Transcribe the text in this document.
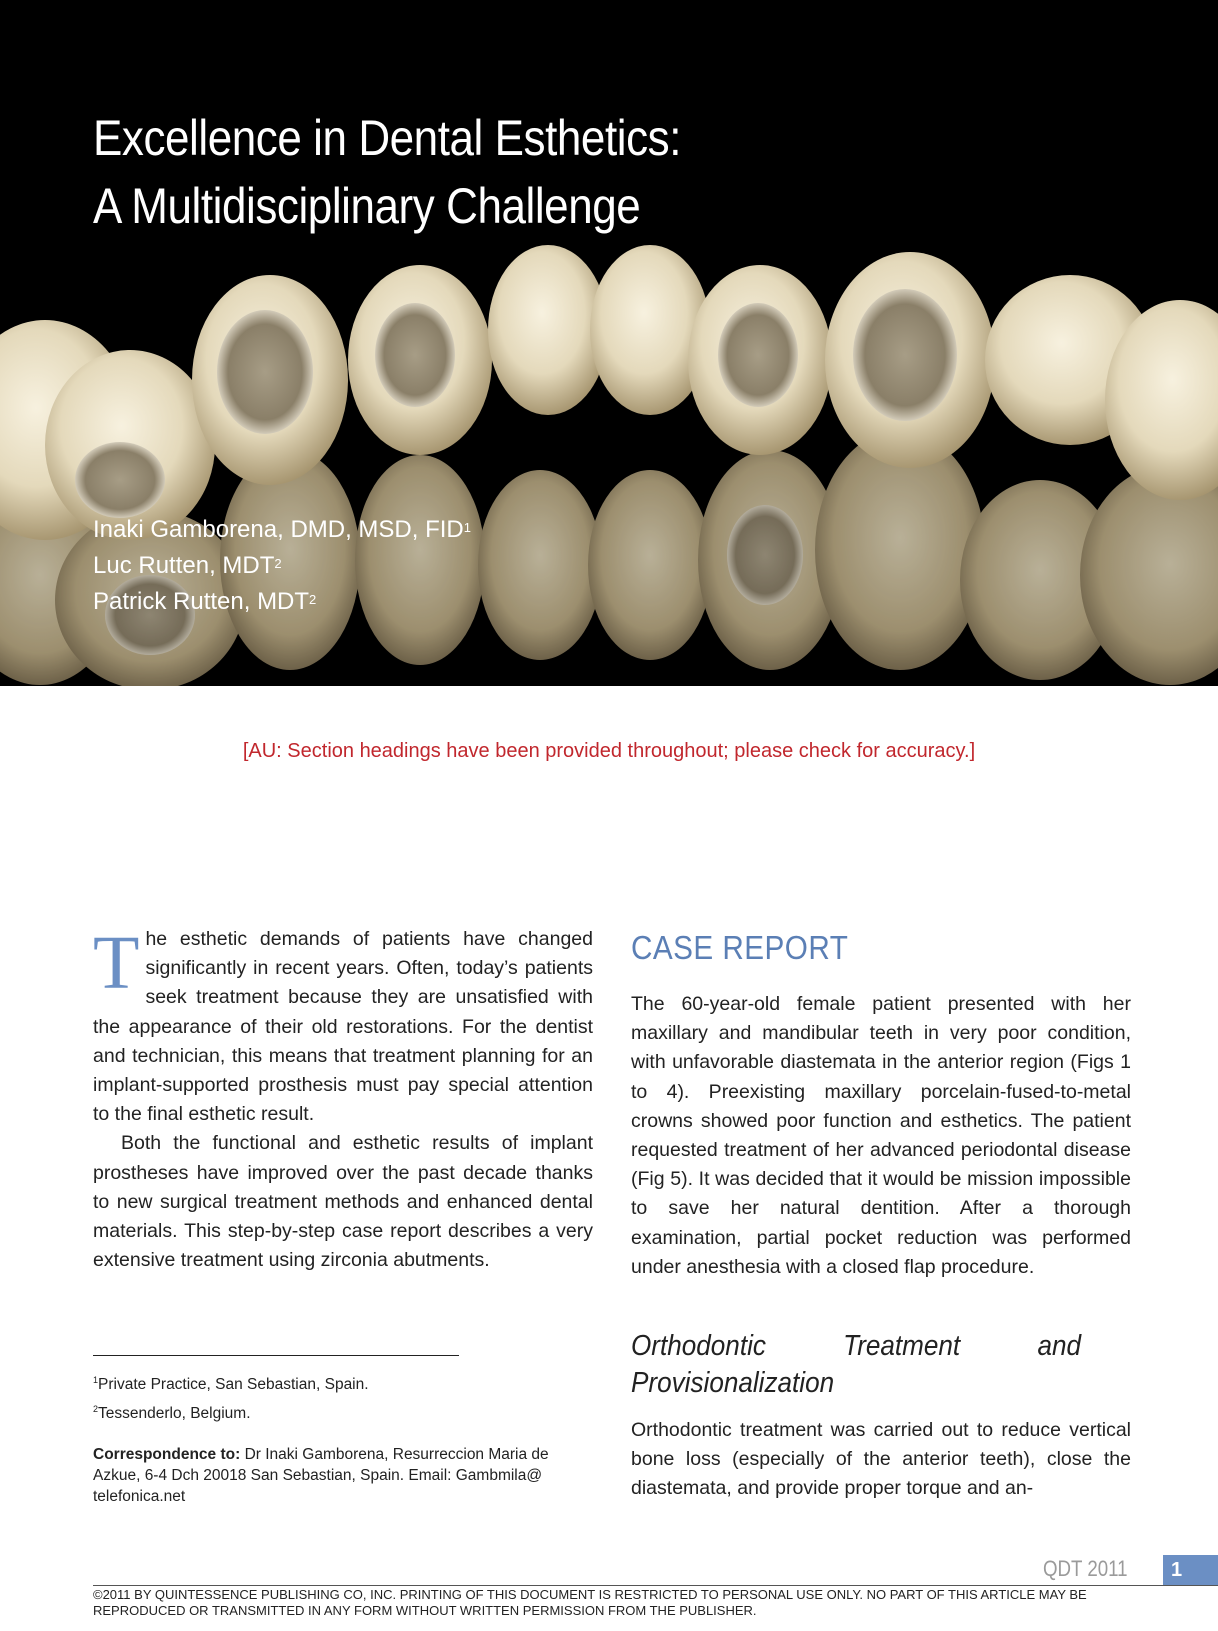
Excellence in Dental Esthetics:
A Multidisciplinary Challenge
Inaki Gamborena, DMD, MSD, FID$^1$
Luc Rutten, MDT$^2$
Patrick Rutten, MDT$^2$
[AU: Section headings have been provided throughout; please check for accuracy.]

The esthetic demands of patients have changed significantly in recent years. Often, today’s patients seek treatment because they are unsatisfied with the appearance of their old restorations. For the dentist and technician, this means that treatment planning for an implant-supported prosthesis must pay special attention to the final esthetic result.

Both the functional and esthetic results of implant prostheses have improved over the past decade thanks to new surgical treatment methods and enhanced dental materials. This step-by-step case report describes a very extensive treatment using zirconia abutments.

CASE REPORT

The 60-year-old female patient presented with her maxillary and mandibular teeth in very poor condition, with unfavorable diastemata in the anterior region (Figs 1 to 4). Preexisting maxillary porcelain-fused-to-metal crowns showed poor function and esthetics. The patient requested treatment of her advanced periodontal disease (Fig 5). It was decided that it would be mission impossible to save her natural dentition. After a thorough examination, partial pocket reduction was performed under anesthesia with a closed flap procedure.

Orthodontic Treatment and Provisionalization

Orthodontic treatment was carried out to reduce vertical bone loss (especially of the anterior teeth), close the diastemata, and provide proper torque and an-

$^1$Private Practice, San Sebastian, Spain.
$^2$Tessenderlo, Belgium.
Correspondence to: Dr Inaki Gamborena, Resurreccion Maria de Azkue, 6-4 Dch 20018 San Sebastian, Spain. Email: Gambmila@ telefonica.net
QDT 2011	1
©2011 BY QUINTESSENCE PUBLISHING CO, INC. PRINTING OF THIS DOCUMENT IS RESTRICTED TO PERSONAL USE ONLY. NO PART OF THIS ARTICLE MAY BE REPRODUCED OR TRANSMITTED IN ANY FORM WITHOUT WRITTEN PERMISSION FROM THE PUBLISHER.
